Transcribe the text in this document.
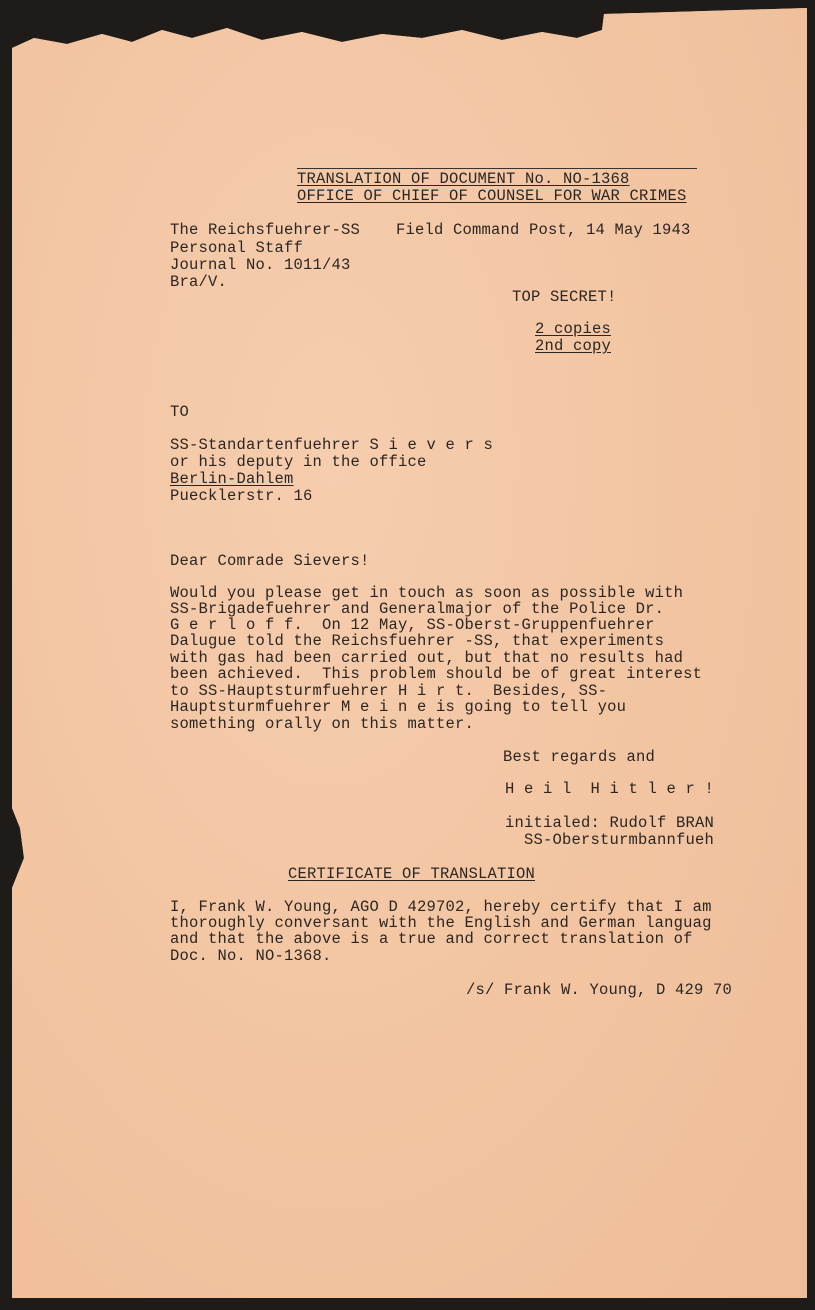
TRANSLATION OF DOCUMENT No. NO-1368
OFFICE OF CHIEF OF COUNSEL FOR WAR CRIMES
The Reichsfuehrer-SS
Personal Staff
Journal No. 1011/43
Bra/V.
Field Command Post, 14 May 1943
TOP SECRET!
2 copies
2nd copy
TO
SS-Standartenfuehrer S i e v e r s
or his deputy in the office
Berlin-Dahlem
Puecklerstr. 16
Dear Comrade Sievers!
Would you please get in touch as soon as possible with
SS-Brigadefuehrer and Generalmajor of the Police Dr.
G e r l o f f.  On 12 May, SS-Oberst-Gruppenfuehrer
Dalugue told the Reichsfuehrer -SS, that experiments
with gas had been carried out, but that no results had
been achieved.  This problem should be of great interest
to SS-Hauptsturmfuehrer H i r t.  Besides, SS-
Hauptsturmfuehrer M e i n e is going to tell you
something orally on this matter.
Best regards and
H e i l  H i t l e r !
initialed: Rudolf BRAN
SS-Obersturmbannfueh
CERTIFICATE OF TRANSLATION
I, Frank W. Young, AGO D 429702, hereby certify that I am
thoroughly conversant with the English and German languag
and that the above is a true and correct translation of
Doc. No. NO-1368.
/s/ Frank W. Young, D 429 70
